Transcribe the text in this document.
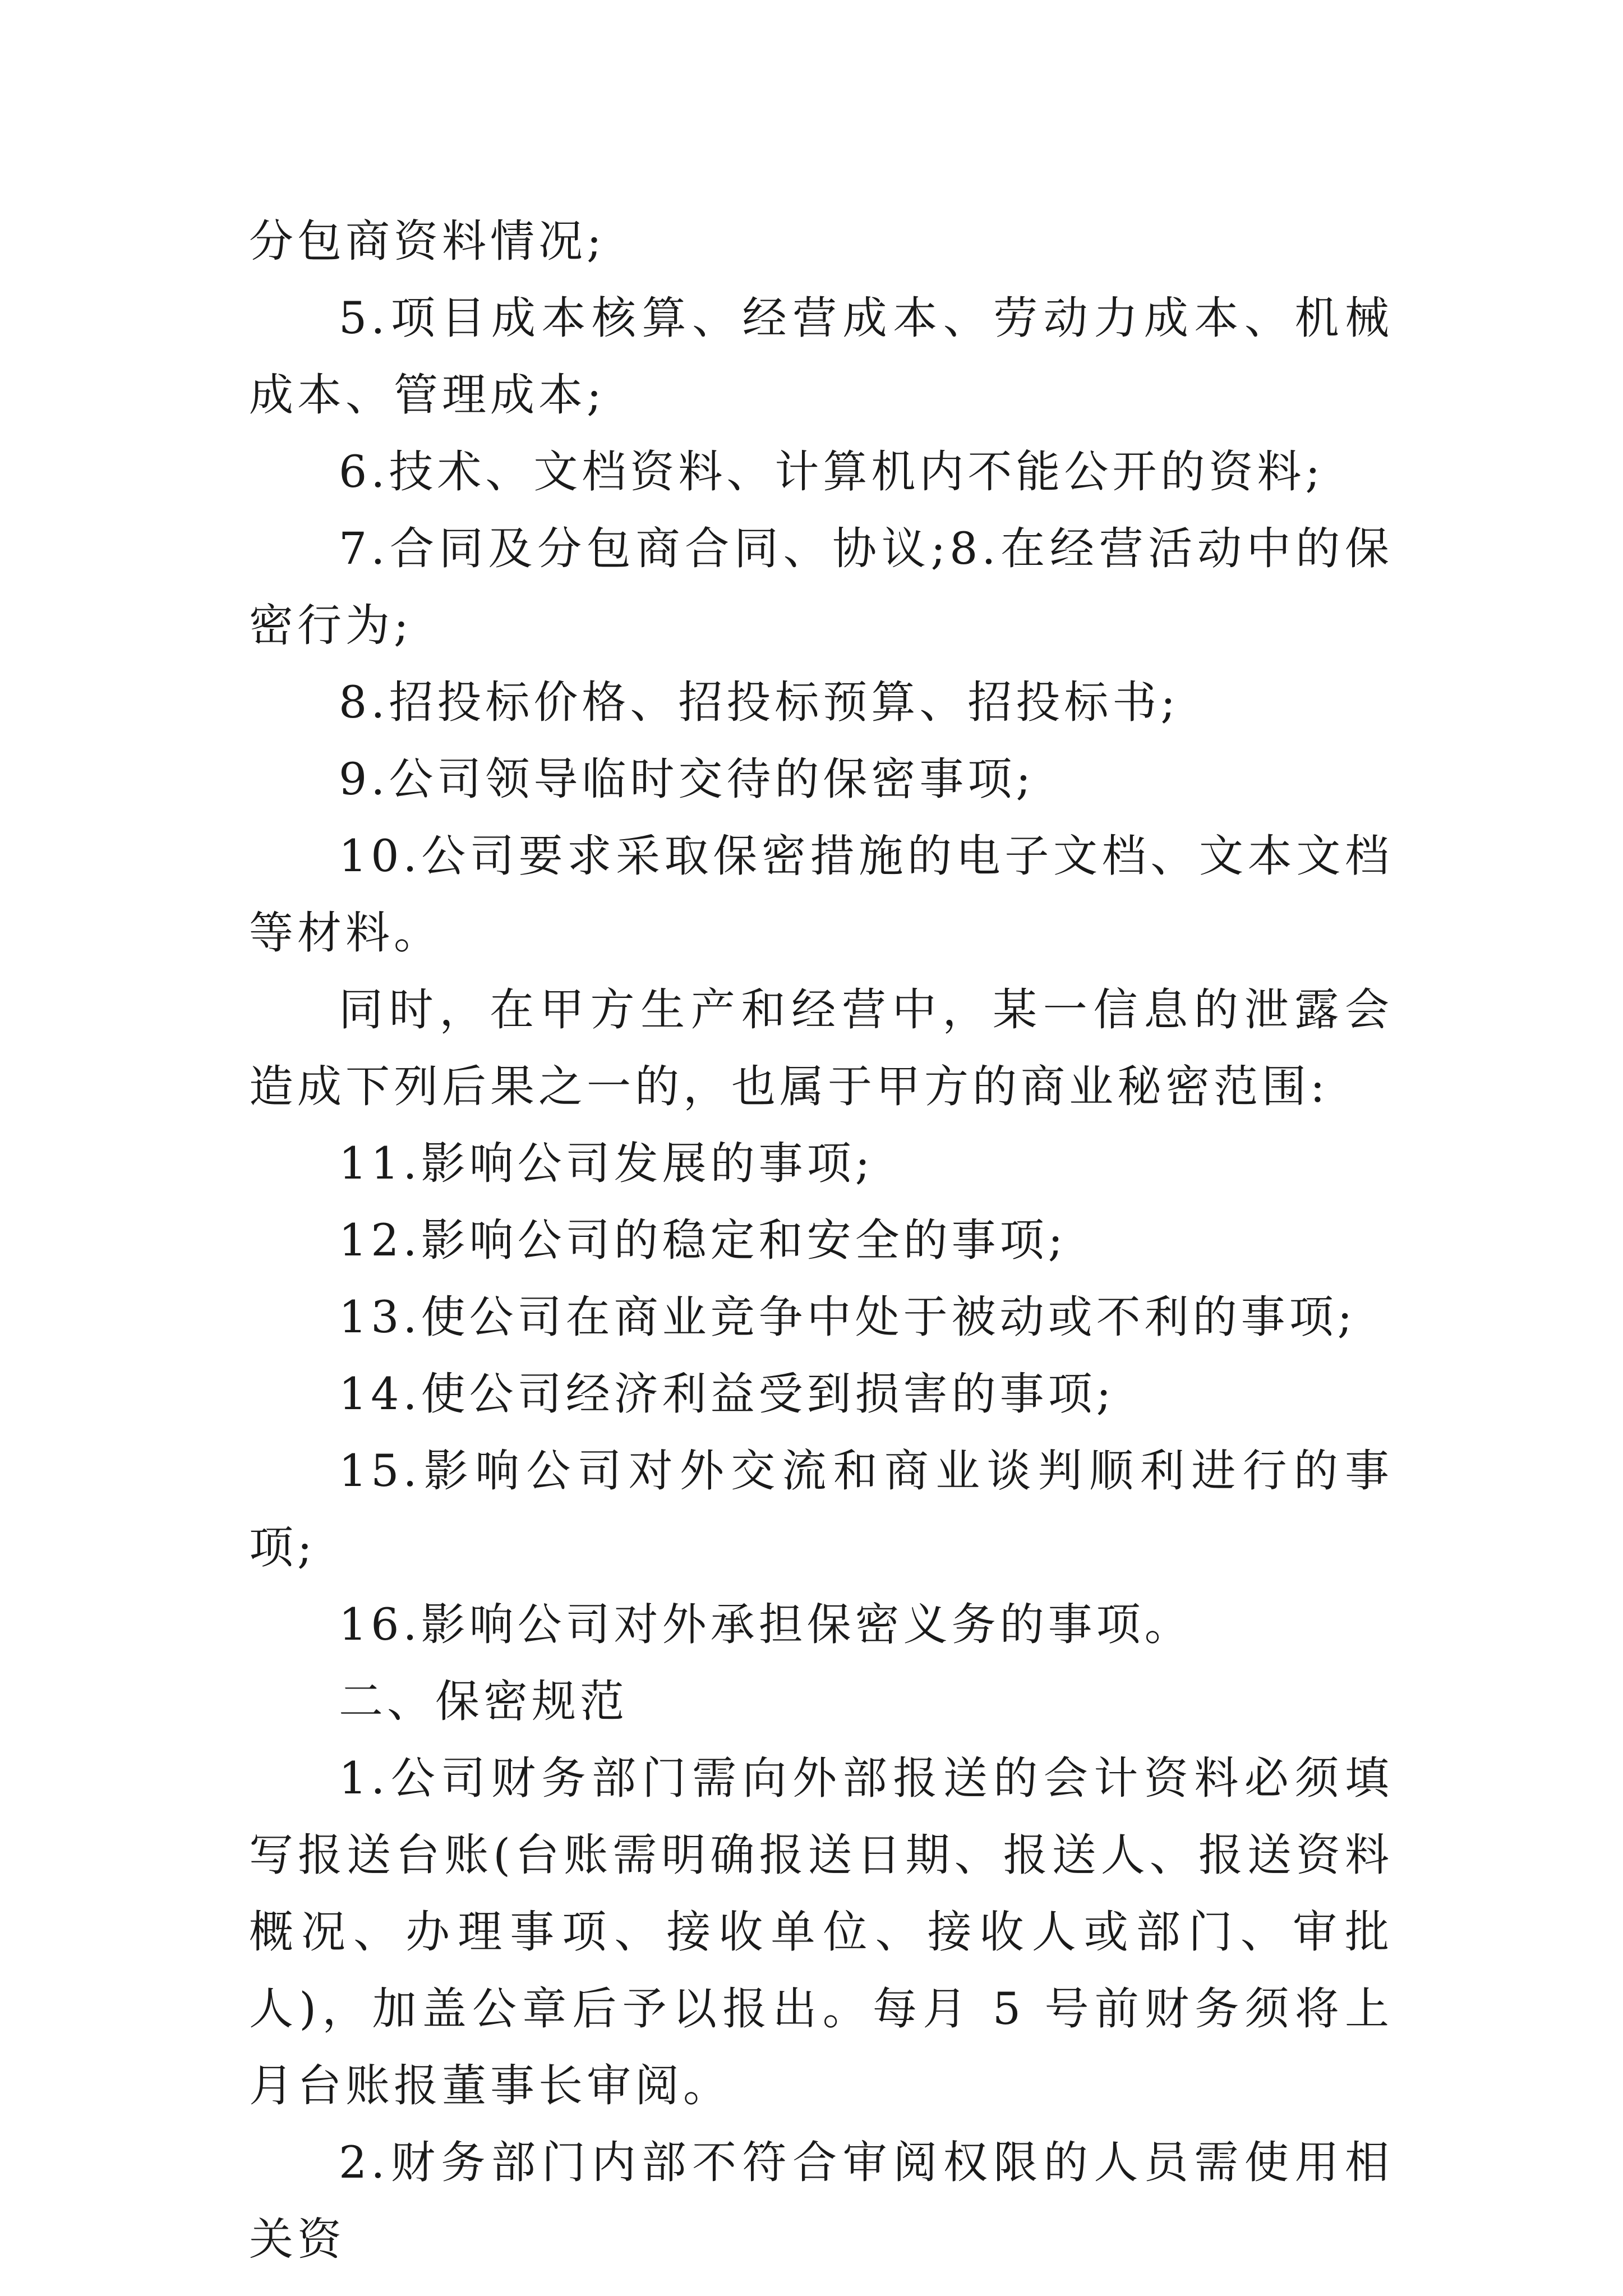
分包商资料情况;

5.项目成本核算、经营成本、劳动力成本、机械成本、管理成本;

6.技术、文档资料、计算机内不能公开的资料;

7.合同及分包商合同、协议;8.在经营活动中的保密行为;

8.招投标价格、招投标预算、招投标书;

9.公司领导临时交待的保密事项;

10.公司要求采取保密措施的电子文档、文本文档等材料。

同时，在甲方生产和经营中，某一信息的泄露会造成下列后果之一的，也属于甲方的商业秘密范围:

11.影响公司发展的事项;

12.影响公司的稳定和安全的事项;

13.使公司在商业竞争中处于被动或不利的事项;

14.使公司经济利益受到损害的事项;

15.影响公司对外交流和商业谈判顺利进行的事项;

16.影响公司对外承担保密义务的事项。

二、保密规范

1.公司财务部门需向外部报送的会计资料必须填写报送台账(台账需明确报送日期、报送人、报送资料概况、办理事项、接收单位、接收人或部门、审批人)，加盖公章后予以报出。每月 5 号前财务须将上月台账报董事长审阅。

2.财务部门内部不符合审阅权限的人员需使用相关资
